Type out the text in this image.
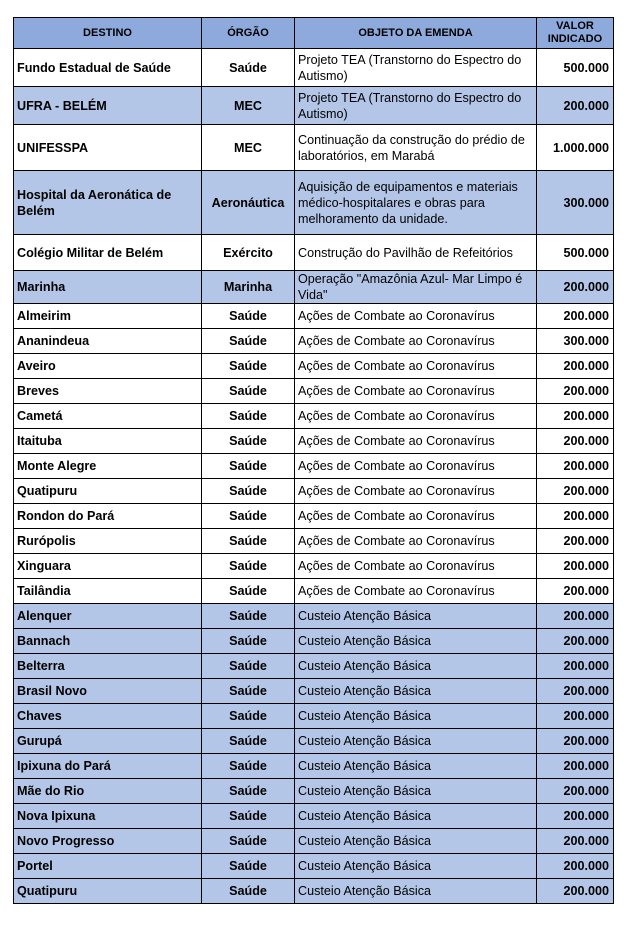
DESTINO	ÓRGÃO	OBJETO DA EMENDA	VALOR INDICADO
Fundo Estadual de Saúde	Saúde	Projeto TEA (Transtorno do Espectro do Autismo)	500.000
UFRA - BELÉM	MEC	Projeto TEA (Transtorno do Espectro do Autismo)	200.000
UNIFESSPA	MEC	Continuação da construção do prédio de laboratórios, em Marabá	1.000.000
Hospital da Aeronática de Belém	Aeronáutica	Aquisição de equipamentos e materiais médico-hospitalares e obras para melhoramento da unidade.	300.000
Colégio Militar de Belém	Exército	Construção do Pavilhão de Refeitórios	500.000
Marinha	Marinha	Operação "Amazônia Azul- Mar Limpo é Vida"	200.000
Almeirim	Saúde	Ações de Combate ao Coronavírus	200.000
Ananindeua	Saúde	Ações de Combate ao Coronavírus	300.000
Aveiro	Saúde	Ações de Combate ao Coronavírus	200.000
Breves	Saúde	Ações de Combate ao Coronavírus	200.000
Cametá	Saúde	Ações de Combate ao Coronavírus	200.000
Itaituba	Saúde	Ações de Combate ao Coronavírus	200.000
Monte Alegre	Saúde	Ações de Combate ao Coronavírus	200.000
Quatipuru	Saúde	Ações de Combate ao Coronavírus	200.000
Rondon do Pará	Saúde	Ações de Combate ao Coronavírus	200.000
Rurópolis	Saúde	Ações de Combate ao Coronavírus	200.000
Xinguara	Saúde	Ações de Combate ao Coronavírus	200.000
Tailândia	Saúde	Ações de Combate ao Coronavírus	200.000
Alenquer	Saúde	Custeio Atenção Básica	200.000
Bannach	Saúde	Custeio Atenção Básica	200.000
Belterra	Saúde	Custeio Atenção Básica	200.000
Brasil Novo	Saúde	Custeio Atenção Básica	200.000
Chaves	Saúde	Custeio Atenção Básica	200.000
Gurupá	Saúde	Custeio Atenção Básica	200.000
Ipixuna do Pará	Saúde	Custeio Atenção Básica	200.000
Mãe do Rio	Saúde	Custeio Atenção Básica	200.000
Nova Ipixuna	Saúde	Custeio Atenção Básica	200.000
Novo Progresso	Saúde	Custeio Atenção Básica	200.000
Portel	Saúde	Custeio Atenção Básica	200.000
Quatipuru	Saúde	Custeio Atenção Básica	200.000
